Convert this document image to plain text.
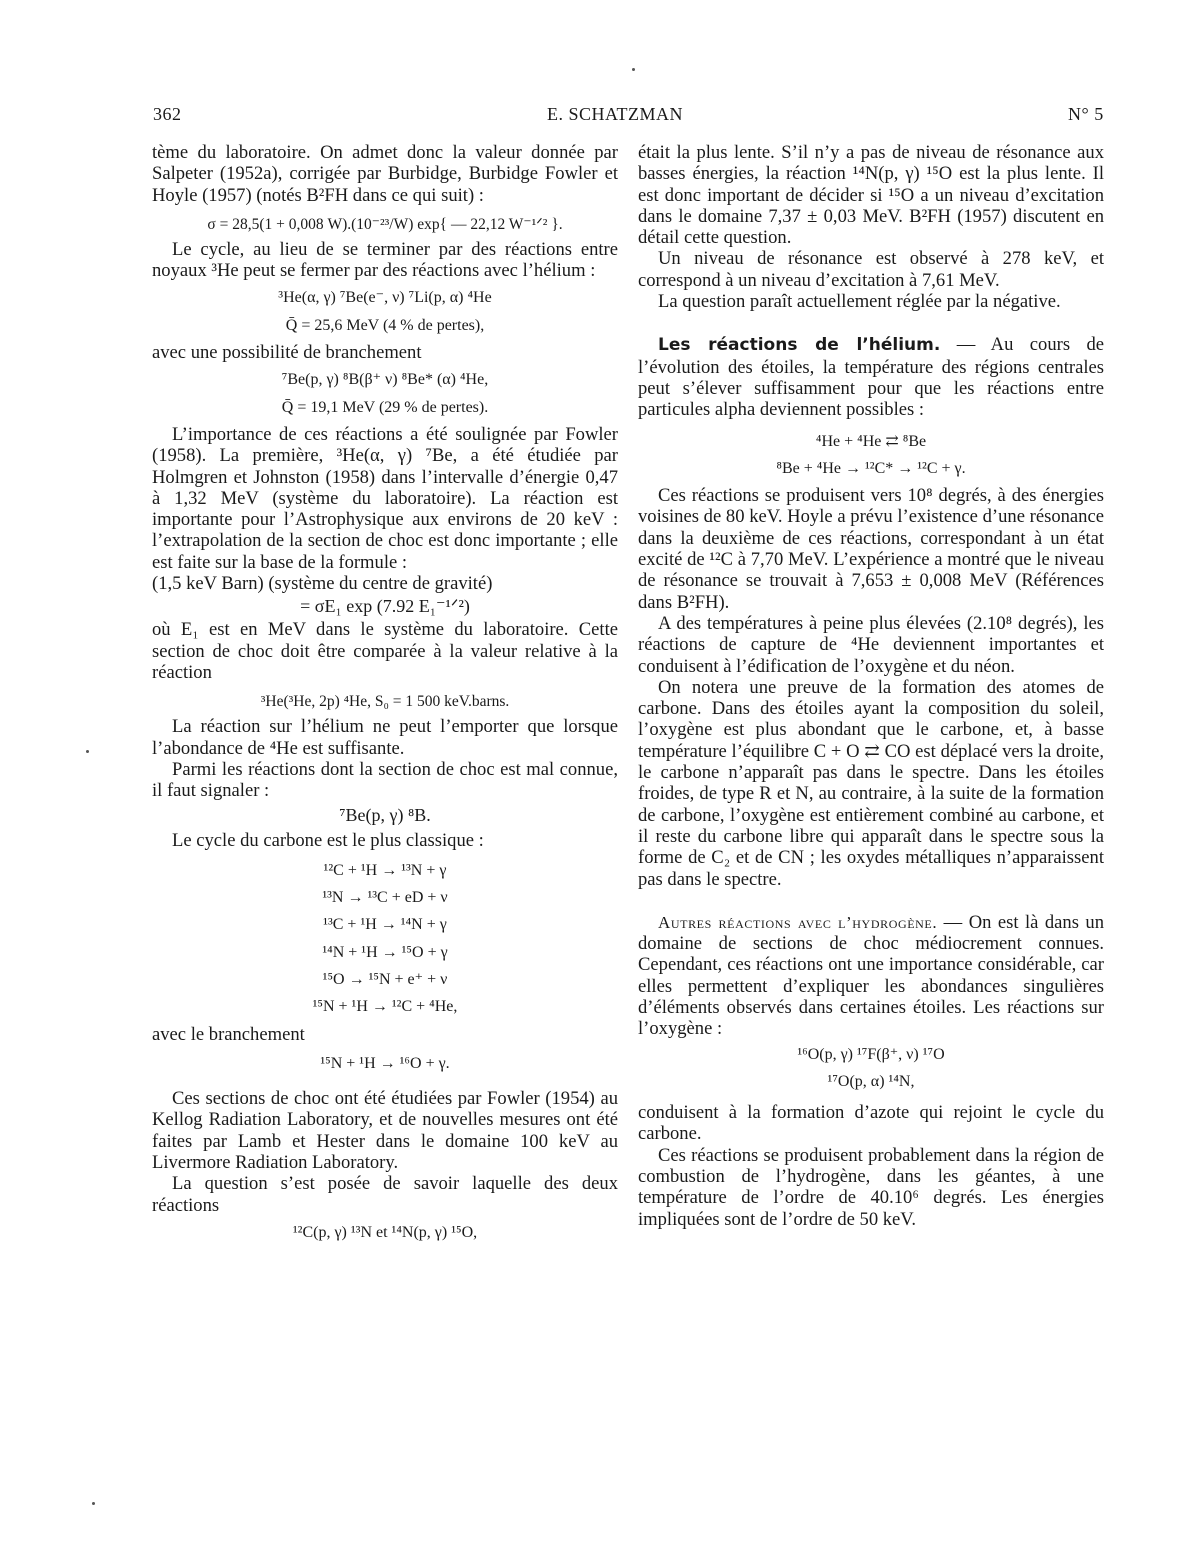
362	E. SCHATZMAN	N° 5

tème du laboratoire. On admet donc la valeur donnée par Salpeter (1952a), corrigée par Burbidge, Burbidge Fowler et Hoyle (1957) (notés B²FH dans ce qui suit) :

σ = 28,5(1 + 0,008 W).(10⁻²³/W) exp{ — 22,12 W⁻¹ᐟ² }.

Le cycle, au lieu de se terminer par des réactions entre noyaux ³He peut se fermer par des réactions avec l’hélium :

³He(α, γ) ⁷Be(e⁻, ν) ⁷Li(p, α) ⁴He
Q̄ = 25,6 MeV (4 % de pertes),

avec une possibilité de branchement

⁷Be(p, γ) ⁸B(β⁺ ν) ⁸Be* (α) ⁴He,
Q̄ = 19,1 MeV (29 % de pertes).

L’importance de ces réactions a été soulignée par Fowler (1958). La première, ³He(α, γ) ⁷Be, a été étudiée par Holmgren et Johnston (1958) dans l’intervalle d’énergie 0,47 à 1,32 MeV (système du laboratoire). La réaction est importante pour l’Astrophysique aux environs de 20 keV : l’extrapolation de la section de choc est donc importante ; elle est faite sur la base de la formule :

(1,5 keV Barn) (système du centre de gravité)

= σE₁ exp (7.92 E₁⁻¹ᐟ²)

où E₁ est en MeV dans le système du laboratoire. Cette section de choc doit être comparée à la valeur relative à la réaction

³He(³He, 2p) ⁴He, S₀ = 1 500 keV.barns.

La réaction sur l’hélium ne peut l’emporter que lorsque l’abondance de ⁴He est suffisante.

Parmi les réactions dont la section de choc est mal connue, il faut signaler :

⁷Be(p, γ) ⁸B.

Le cycle du carbone est le plus classique :

¹²C + ¹H → ¹³N + γ
¹³N → ¹³C + eD + ν
¹³C + ¹H → ¹⁴N + γ
¹⁴N + ¹H → ¹⁵O + γ
¹⁵O → ¹⁵N + e⁺ + ν
¹⁵N + ¹H → ¹²C + ⁴He,

avec le branchement

¹⁵N + ¹H → ¹⁶O + γ.

Ces sections de choc ont été étudiées par Fowler (1954) au Kellog Radiation Laboratory, et de nouvelles mesures ont été faites par Lamb et Hester dans le domaine 100 keV au Livermore Radiation Laboratory.

La question s’est posée de savoir laquelle des deux réactions

¹²C(p, γ) ¹³N et ¹⁴N(p, γ) ¹⁵O,

était la plus lente. S’il n’y a pas de niveau de résonance aux basses énergies, la réaction ¹⁴N(p, γ) ¹⁵O est la plus lente. Il est donc important de décider si ¹⁵O a un niveau d’excitation dans le domaine 7,37 ± 0,03 MeV. B²FH (1957) discutent en détail cette question.

Un niveau de résonance est observé à 278 keV, et correspond à un niveau d’excitation à 7,61 MeV.

La question paraît actuellement réglée par la négative.

Les réactions de l’hélium. — Au cours de l’évolution des étoiles, la température des régions centrales peut s’élever suffisamment pour que les réactions entre particules alpha deviennent possibles :

⁴He + ⁴He ⇄ ⁸Be
⁸Be + ⁴He → ¹²C* → ¹²C + γ.

Ces réactions se produisent vers 10⁸ degrés, à des énergies voisines de 80 keV. Hoyle a prévu l’existence d’une résonance dans la deuxième de ces réactions, correspondant à un état excité de ¹²C à 7,70 MeV. L’expérience a montré que le niveau de résonance se trouvait à 7,653 ± 0,008 MeV (Références dans B²FH).

A des températures à peine plus élevées (2.10⁸ degrés), les réactions de capture de ⁴He deviennent importantes et conduisent à l’édification de l’oxygène et du néon.

On notera une preuve de la formation des atomes de carbone. Dans des étoiles ayant la composition du soleil, l’oxygène est plus abondant que le carbone, et, à basse température l’équilibre C + O ⇄ CO est déplacé vers la droite, le carbone n’apparaît pas dans le spectre. Dans les étoiles froides, de type R et N, au contraire, à la suite de la formation de carbone, l’oxygène est entièrement combiné au carbone, et il reste du carbone libre qui apparaît dans le spectre sous la forme de C₂ et de CN ; les oxydes métalliques n’apparaissent pas dans le spectre.

Autres réactions avec l’hydrogène. — On est là dans un domaine de sections de choc médiocrement connues. Cependant, ces réactions ont une importance considérable, car elles permettent d’expliquer les abondances singulières d’éléments observés dans certaines étoiles. Les réactions sur l’oxygène :

¹⁶O(p, γ) ¹⁷F(β⁺, ν) ¹⁷O
¹⁷O(p, α) ¹⁴N,

conduisent à la formation d’azote qui rejoint le cycle du carbone.

Ces réactions se produisent probablement dans la région de combustion de l’hydrogène, dans les géantes, à une température de l’ordre de 40.10⁶ degrés. Les énergies impliquées sont de l’ordre de 50 keV.
